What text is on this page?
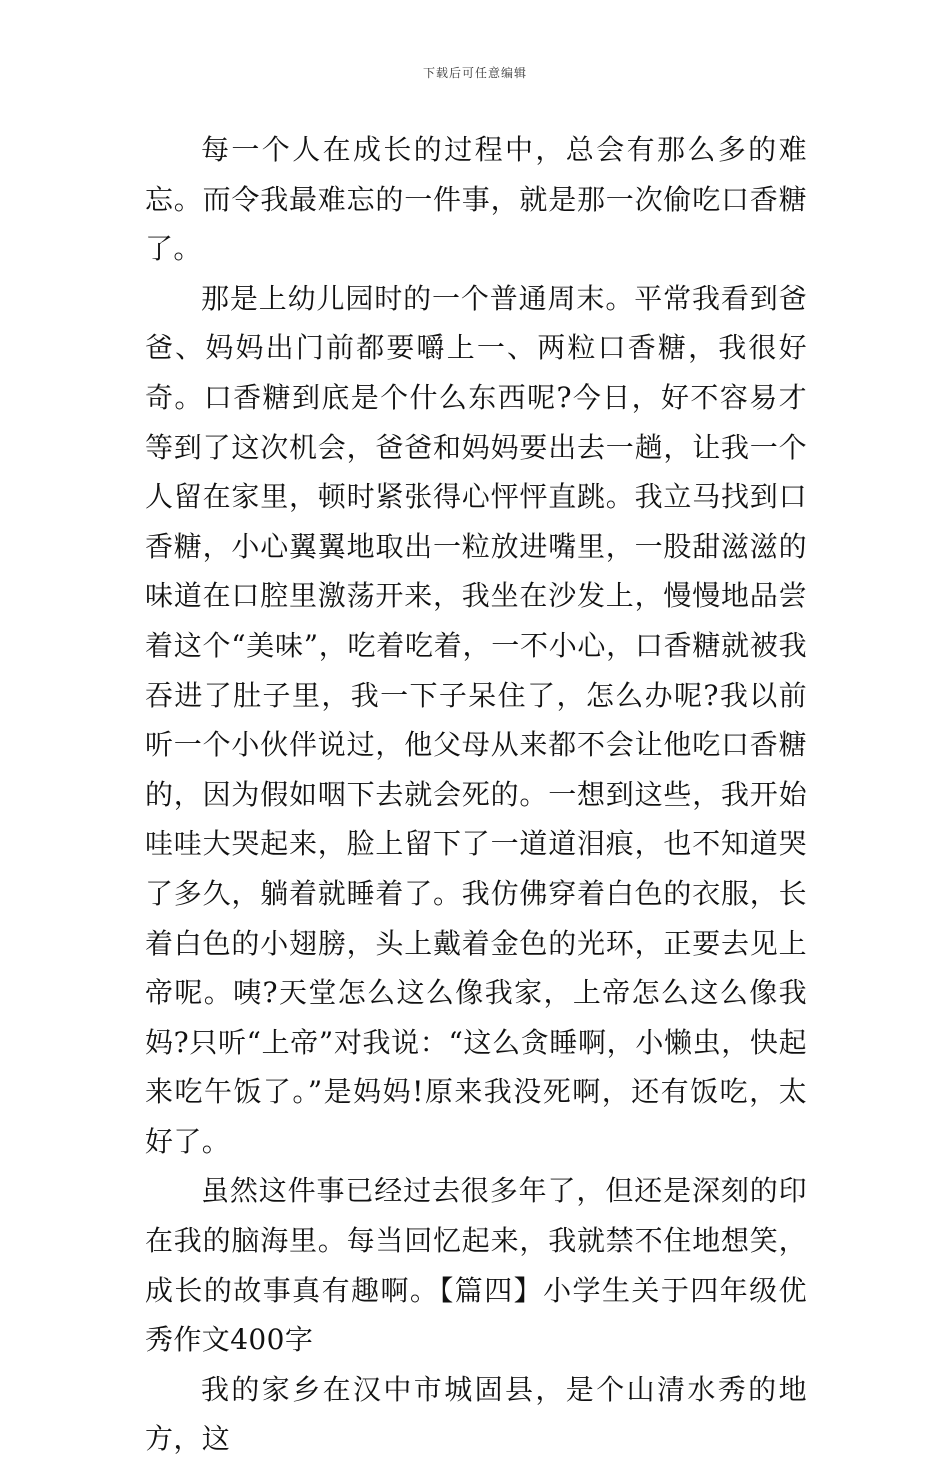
下载后可任意编辑

每一个人在成长的过程中，总会有那么多的难忘。而令我最难忘的一件事，就是那一次偷吃口香糖了。

那是上幼儿园时的一个普通周末。平常我看到爸爸、妈妈出门前都要嚼上一、两粒口香糖，我很好奇。口香糖到底是个什么东西呢?今日，好不容易才等到了这次机会，爸爸和妈妈要出去一趟，让我一个人留在家里，顿时紧张得心怦怦直跳。我立马找到口香糖，小心翼翼地取出一粒放进嘴里，一股甜滋滋的味道在口腔里激荡开来，我坐在沙发上，慢慢地品尝着这个“美味”，吃着吃着，一不小心，口香糖就被我吞进了肚子里，我一下子呆住了，怎么办呢?我以前听一个小伙伴说过，他父母从来都不会让他吃口香糖的，因为假如咽下去就会死的。一想到这些，我开始哇哇大哭起来，脸上留下了一道道泪痕，也不知道哭了多久，躺着就睡着了。我仿佛穿着白色的衣服，长着白色的小翅膀，头上戴着金色的光环，正要去见上帝呢。咦?天堂怎么这么像我家，上帝怎么这么像我妈?只听“上帝”对我说：“这么贪睡啊，小懒虫，快起来吃午饭了。”是妈妈!原来我没死啊，还有饭吃，太好了。

虽然这件事已经过去很多年了，但还是深刻的印在我的脑海里。每当回忆起来，我就禁不住地想笑，成长的故事真有趣啊。【篇四】小学生关于四年级优秀作文400字

我的家乡在汉中市城固县，是个山清水秀的地方，这
